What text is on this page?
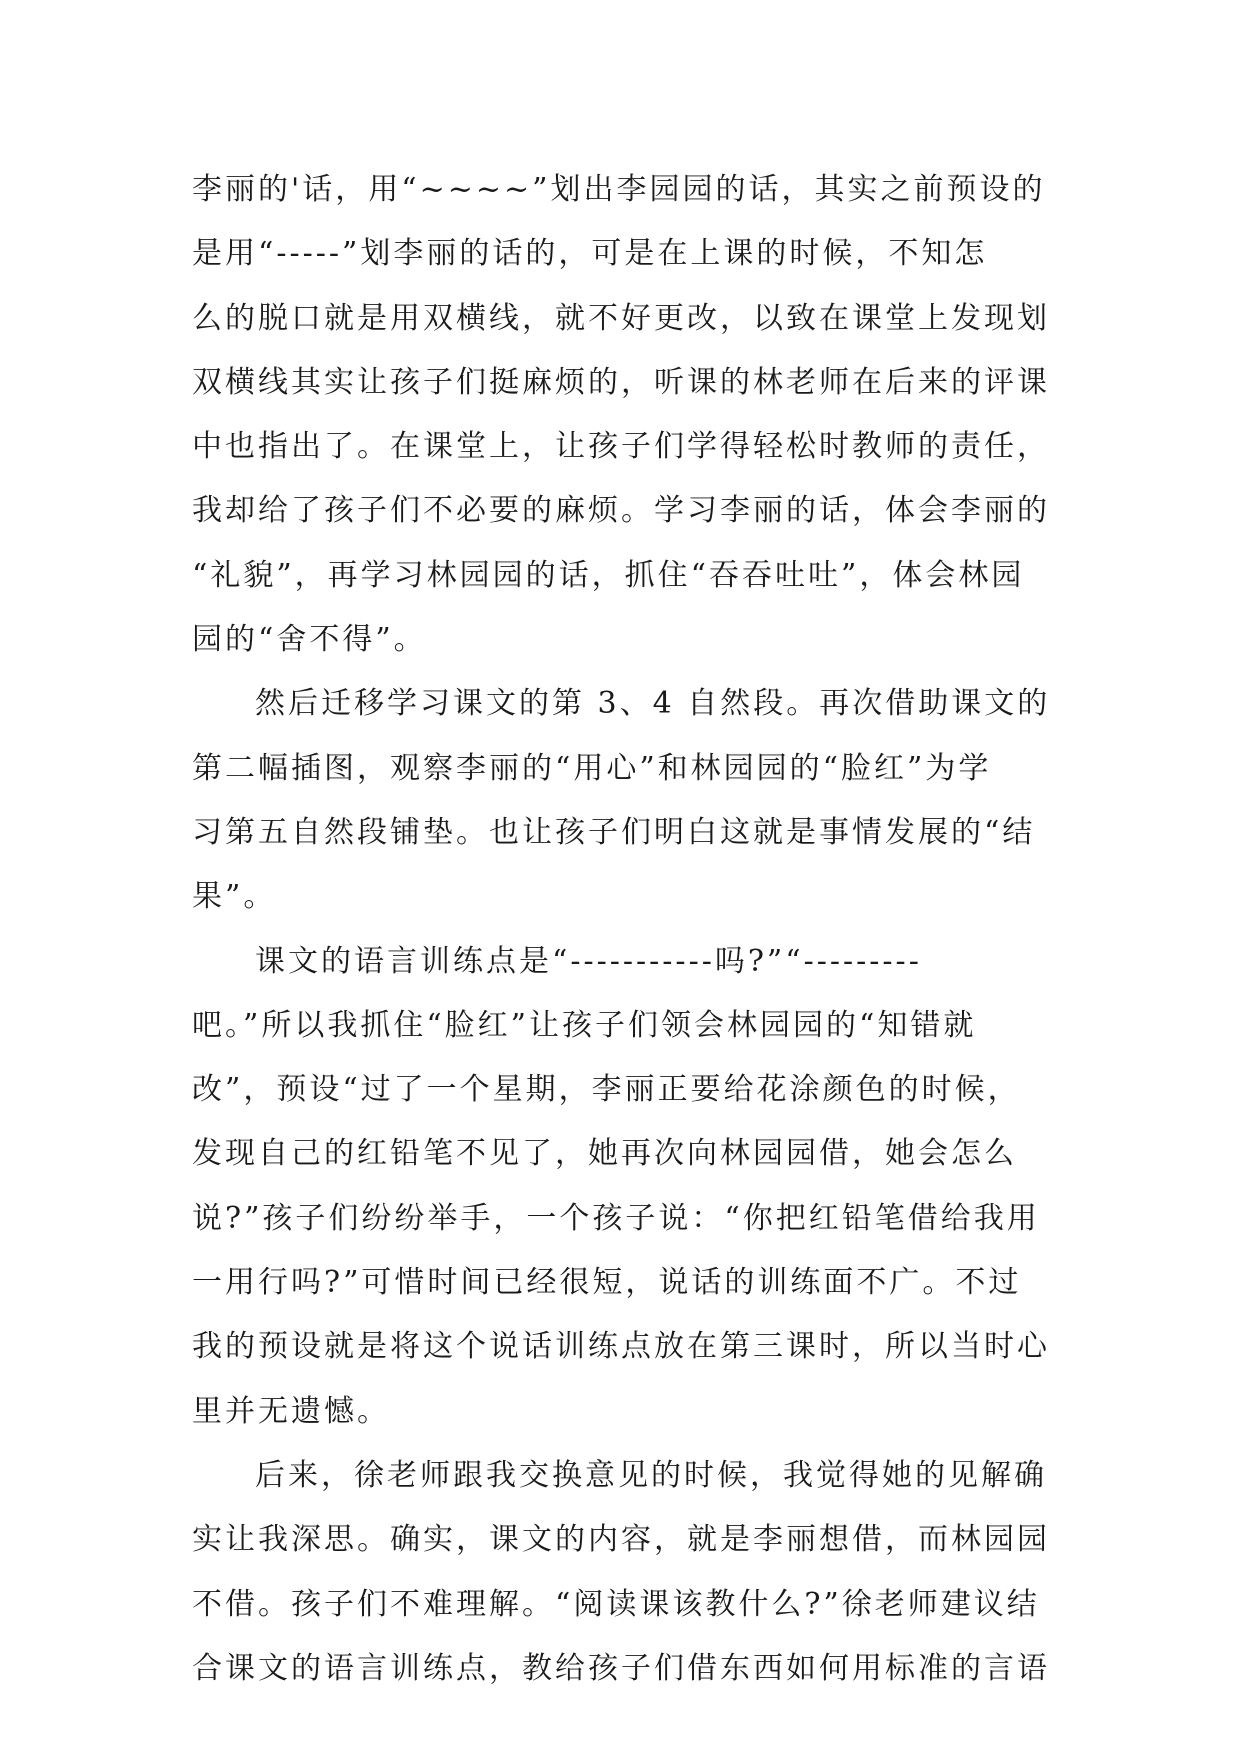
李丽的'话，用“~~~~”划出李园园的话，其实之前预设的
是用“-----”划李丽的话的，可是在上课的时候，不知怎
么的脱口就是用双横线，就不好更改，以致在课堂上发现划
双横线其实让孩子们挺麻烦的，听课的林老师在后来的评课
中也指出了。在课堂上，让孩子们学得轻松时教师的责任，
我却给了孩子们不必要的麻烦。学习李丽的话，体会李丽的
“礼貌”，再学习林园园的话，抓住“吞吞吐吐”，体会林园
园的“舍不得”。
然后迁移学习课文的第 3、4 自然段。再次借助课文的
第二幅插图，观察李丽的“用心”和林园园的“脸红”为学
习第五自然段铺垫。也让孩子们明白这就是事情发展的“结
果”。
课文的语言训练点是“-----------吗?”“---------
吧。”所以我抓住“脸红”让孩子们领会林园园的“知错就
改”，预设“过了一个星期，李丽正要给花涂颜色的时候，
发现自己的红铅笔不见了，她再次向林园园借，她会怎么
说?”孩子们纷纷举手，一个孩子说：“你把红铅笔借给我用
一用行吗?”可惜时间已经很短，说话的训练面不广。不过
我的预设就是将这个说话训练点放在第三课时，所以当时心
里并无遗憾。
后来，徐老师跟我交换意见的时候，我觉得她的见解确
实让我深思。确实，课文的内容，就是李丽想借，而林园园
不借。孩子们不难理解。“阅读课该教什么?”徐老师建议结
合课文的语言训练点，教给孩子们借东西如何用标准的言语
